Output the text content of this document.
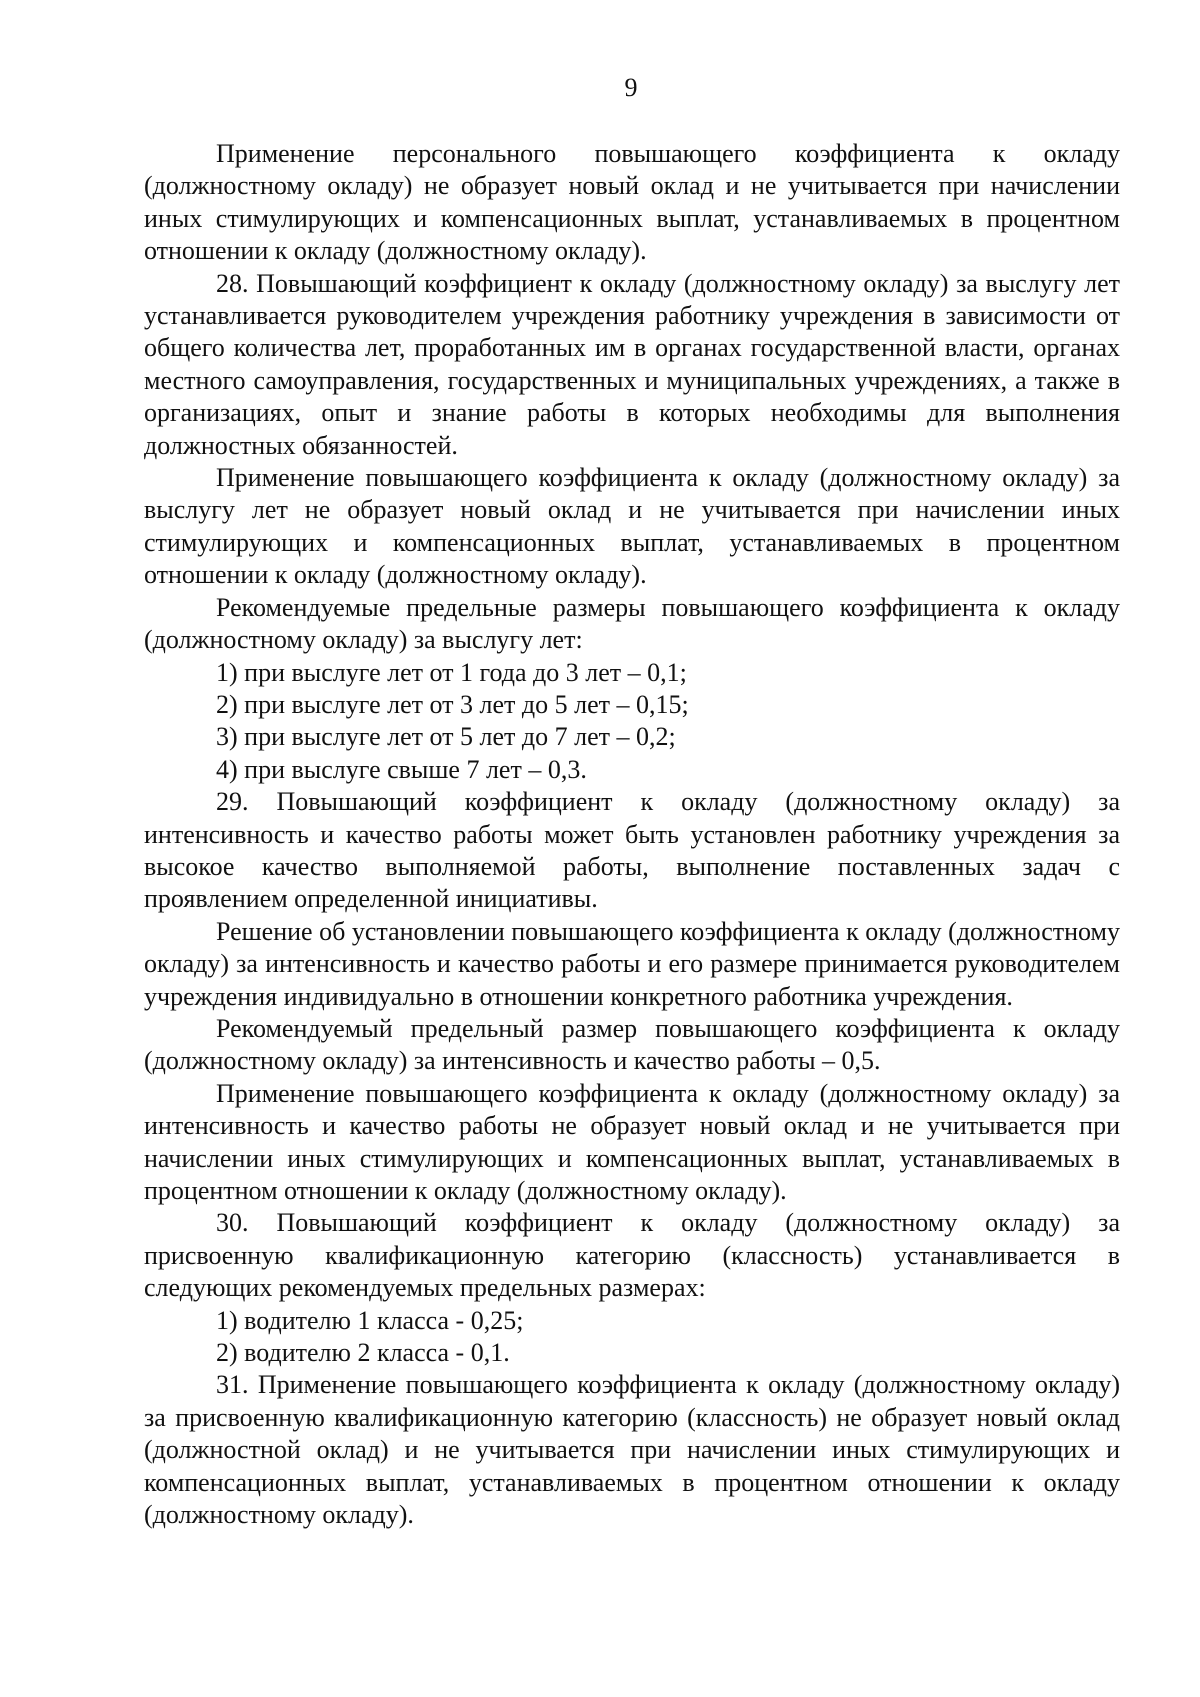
9

Применение персонального повышающего коэффициента к окладу (должностному окладу) не образует новый оклад и не учитывается при начислении иных стимулирующих и компенсационных выплат, устанавливаемых в процентном отношении к окладу (должностному окладу).

28. Повышающий коэффициент к окладу (должностному окладу) за выслугу лет устанавливается руководителем учреждения работнику учреждения в зависимости от общего количества лет, проработанных им в органах государственной власти, органах местного самоуправления, государственных и муниципальных учреждениях, а также в организациях, опыт и знание работы в которых необходимы для выполнения должностных обязанностей.

Применение повышающего коэффициента к окладу (должностному окладу) за выслугу лет не образует новый оклад и не учитывается при начислении иных стимулирующих и компенсационных выплат, устанавливаемых в процентном отношении к окладу (должностному окладу).

Рекомендуемые предельные размеры повышающего коэффициента к окладу (должностному окладу) за выслугу лет:

1) при выслуге лет от 1 года до 3 лет – 0,1;

2) при выслуге лет от 3 лет до 5 лет – 0,15;

3) при выслуге лет от 5 лет до 7 лет – 0,2;

4) при выслуге свыше 7 лет – 0,3.

29. Повышающий коэффициент к окладу (должностному окладу) за интенсивность и качество работы может быть установлен работнику учреждения за высокое качество выполняемой работы, выполнение поставленных задач с проявлением определенной инициативы.

Решение об установлении повышающего коэффициента к окладу (должностному окладу) за интенсивность и качество работы и его размере принимается руководителем учреждения индивидуально в отношении конкретного работника учреждения.

Рекомендуемый предельный размер повышающего коэффициента к окладу (должностному окладу) за интенсивность и качество работы – 0,5.

Применение повышающего коэффициента к окладу (должностному окладу) за интенсивность и качество работы не образует новый оклад и не учитывается при начислении иных стимулирующих и компенсационных выплат, устанавливаемых в процентном отношении к окладу (должностному окладу).

30. Повышающий коэффициент к окладу (должностному окладу) за присвоенную квалификационную категорию (классность) устанавливается в следующих рекомендуемых предельных размерах:

1) водителю 1 класса - 0,25;

2) водителю 2 класса - 0,1.

31. Применение повышающего коэффициента к окладу (должностному окладу) за присвоенную квалификационную категорию (классность) не образует новый оклад (должностной оклад) и не учитывается при начислении иных стимулирующих и компенсационных выплат, устанавливаемых в процентном отношении к окладу (должностному окладу).
